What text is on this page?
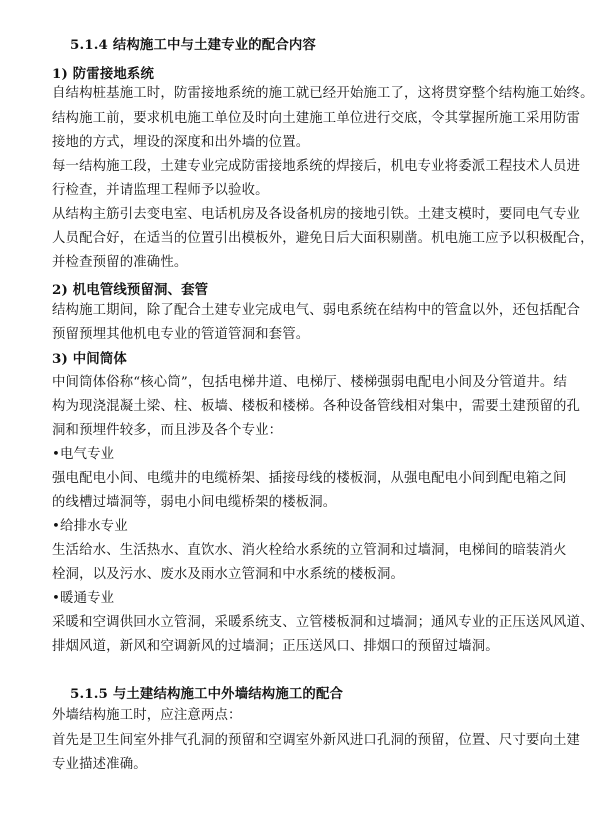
5.1.4 结构施工中与土建专业的配合内容
1) 防雷接地系统
自结构桩基施工时，防雷接地系统的施工就已经开始施工了，这将贯穿整个结构施工始终。
结构施工前，要求机电施工单位及时向土建施工单位进行交底，令其掌握所施工采用防雷
接地的方式，埋设的深度和出外墙的位置。
每一结构施工段，土建专业完成防雷接地系统的焊接后，机电专业将委派工程技术人员进
行检查，并请监理工程师予以验收。
从结构主筋引去变电室、电话机房及各设备机房的接地引铁。土建支模时，要同电气专业
人员配合好，在适当的位置引出模板外，避免日后大面积剔凿。机电施工应予以积极配合，
并检查预留的准确性。
2) 机电管线预留洞、套管
结构施工期间，除了配合土建专业完成电气、弱电系统在结构中的管盒以外，还包括配合
预留预埋其他机电专业的管道管洞和套管。
3) 中间筒体
中间筒体俗称“核心筒”，包括电梯井道、电梯厅、楼梯强弱电配电小间及分管道井。结
构为现浇混凝土梁、柱、板墙、楼板和楼梯。各种设备管线相对集中，需要土建预留的孔
洞和预埋件较多，而且涉及各个专业：
•电气专业
强电配电小间、电缆井的电缆桥架、插接母线的楼板洞，从强电配电小间到配电箱之间
的线槽过墙洞等，弱电小间电缆桥架的楼板洞。
•给排水专业
生活给水、生活热水、直饮水、消火栓给水系统的立管洞和过墙洞，电梯间的暗装消火
栓洞，以及污水、废水及雨水立管洞和中水系统的楼板洞。
•暖通专业
采暖和空调供回水立管洞，采暖系统支、立管楼板洞和过墙洞；通风专业的正压送风风道、
排烟风道，新风和空调新风的过墙洞；正压送风口、排烟口的预留过墙洞。
5.1.5 与土建结构施工中外墙结构施工的配合
外墙结构施工时，应注意两点：
首先是卫生间室外排气孔洞的预留和空调室外新风进口孔洞的预留，位置、尺寸要向土建
专业描述准确。
